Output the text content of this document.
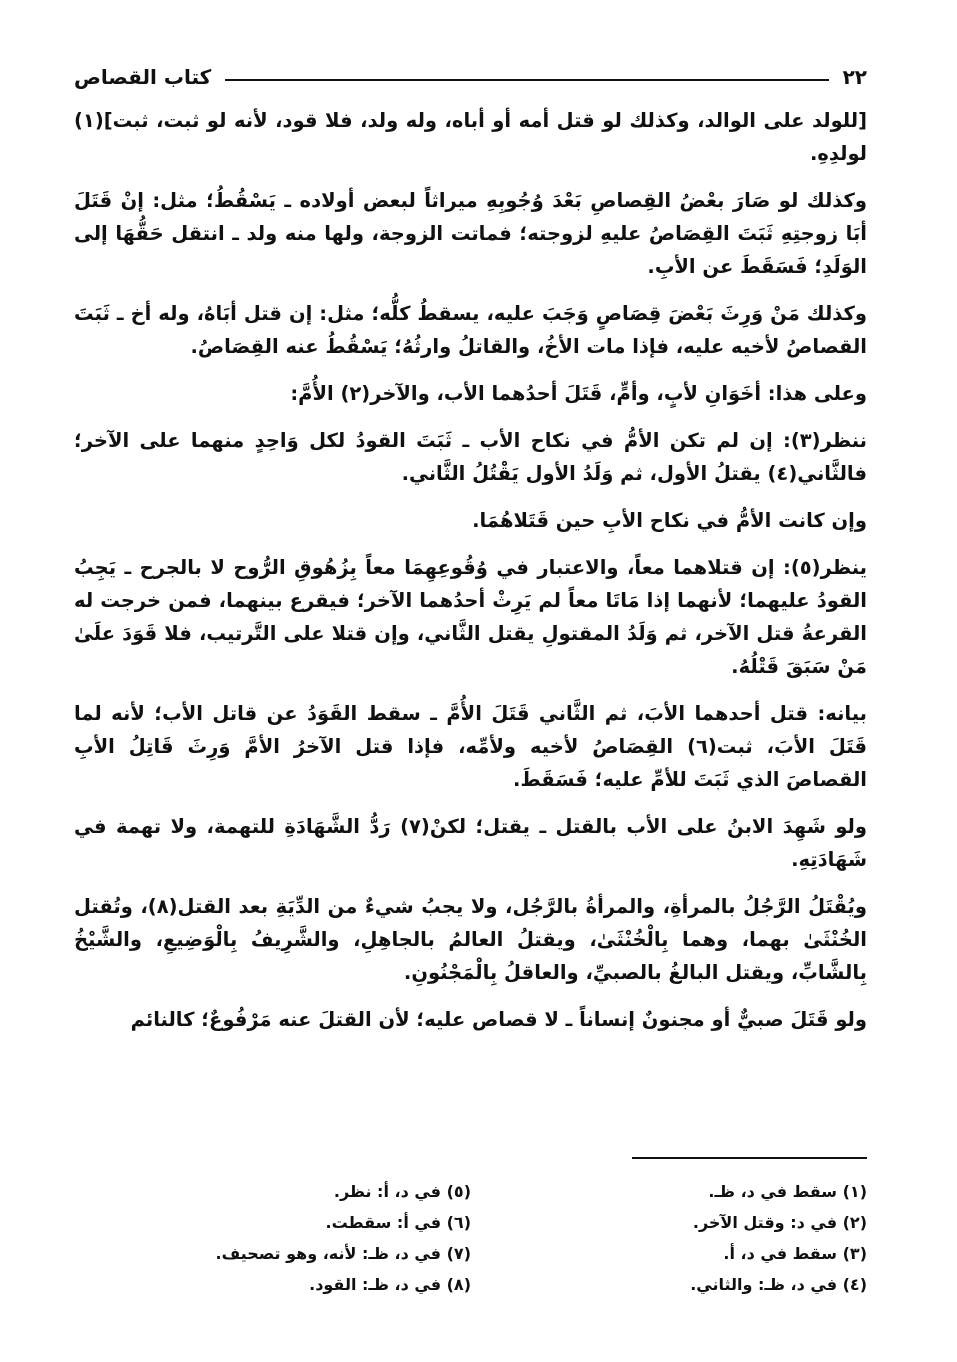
٢٢
كتاب القصاص

[للولد على الوالد، وكذلك لو قتل أمه أو أباه، وله ولد، فلا قود، لأنه لو ثبت، ثبت](١) لولدِهِ.

وكذلك لو صَارَ بعْضُ القِصاصِ بَعْدَ وُجُوبِهِ ميراثاً لبعض أولاده ـ يَسْقُطُ؛ مثل: إنْ قَتَلَ أبَا زوجتِهِ ثَبَتَ القِصَاصُ عليهِ لزوجته؛ فماتت الزوجة، ولها منه ولد ـ انتقل حَقُّهَا إلى الوَلَدِ؛ فَسَقَطَ عن الأبِ.

وكذلك مَنْ وَرِثَ بَعْضَ قِصَاصٍ وَجَبَ عليه، يسقطُ كلُّه؛ مثل: إن قتل أبَاهُ، وله أخ ـ ثَبَتَ القصاصُ لأخيه عليه، فإذا مات الأخُ، والقاتلُ وارثُهُ؛ يَسْقُطُ عنه القِصَاصُ.

وعلى هذا: أخَوَانِ لأبٍ، وأمٍّ، قَتَلَ أحدُهما الأب، والآخر(٢) الأُمَّ:

ننظر(٣): إن لم تكن الأمُّ في نكاح الأب ـ ثَبَتَ القودُ لكل وَاحِدٍ منهما على الآخر؛ فالثَّاني(٤) يقتلُ الأول، ثم وَلَدُ الأول يَقْتُلُ الثَّاني.

وإن كانت الأمُّ في نكاح الأبِ حين قَتَلاهُمَا.

ينظر(٥): إن قتلاهما معاً، والاعتبار في وُقُوعِهِمَا معاً بِزُهُوقِ الرُّوح لا بالجرح ـ يَجِبُ القودُ عليهما؛ لأنهما إذا مَاتَا معاً لم يَرِثْ أحدُهما الآخر؛ فيقرع بينهما، فمن خرجت له القرعةُ قتل الآخر، ثم وَلَدُ المقتولِ يقتل الثَّاني، وإن قتلا على التَّرتيب، فلا قَوَدَ علَىٰ مَنْ سَبَقَ قَتْلُهُ.

بيانه: قتل أحدهما الأبَ، ثم الثَّاني قَتَلَ الأُمَّ ـ سقط القَوَدُ عن قاتل الأب؛ لأنه لما قَتَلَ الأبَ، ثبت(٦) القِصَاصُ لأخيه ولأمِّه، فإذا قتل الآخرُ الأمَّ وَرِثَ قَاتِلُ الأبِ القصاصَ الذي ثَبَتَ للأمِّ عليه؛ فَسَقَطَ.

ولو شَهِدَ الابنُ على الأب بالقتل ـ يقتل؛ لكنْ(٧) رَدُّ الشَّهَادَةِ للتهمة، ولا تهمة في شَهَادَتِهِ.

ويُقْتَلُ الرَّجُلُ بالمرأةِ، والمرأةُ بالرَّجُل، ولا يجبُ شيءٌ من الدِّيَةِ بعد القتل(٨)، وتُقتل الخُنْثَىٰ بهما، وهما بِالْخُنْثَىٰ، ويقتلُ العالمُ بالجاهِلِ، والشَّرِيفُ بِالْوَضِيعِ، والشَّيْخُ بِالشَّابِّ، ويقتل البالغُ بالصبيِّ، والعاقلُ بِالْمَجْنُونِ.

ولو قَتَلَ صبيٌّ أو مجنونٌ إنساناً ـ لا قصاص عليه؛ لأن القتلَ عنه مَرْفُوعٌ؛ كالنائم

(١) سقط في د، ظـ.
(٢) في د: وقتل الآخر.
(٣) سقط في د، أ.
(٤) في د، ظـ: والثاني.
(٥) في د، أ: نظر.
(٦) في أ: سقطت.
(٧) في د، ظـ: لأنه، وهو تصحيف.
(٨) في د، ظـ: القود.
